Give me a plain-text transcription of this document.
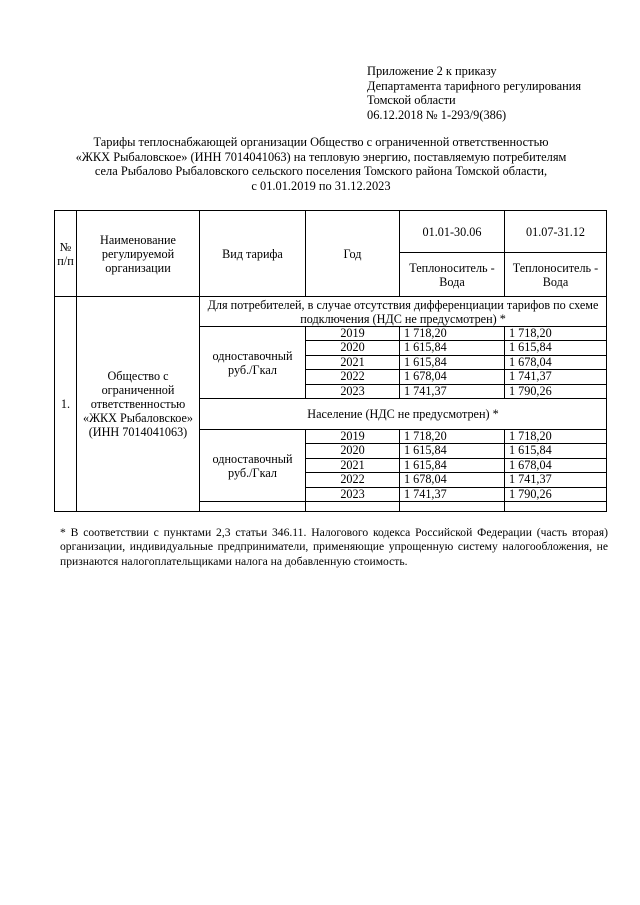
Приложение 2 к приказу
Департамента тарифного регулирования
Томской области
06.12.2018 № 1-293/9(386)
Тарифы теплоснабжающей организации Общество с ограниченной ответственностью
«ЖКХ Рыбаловское» (ИНН 7014041063) на тепловую энергию, поставляемую потребителям
села Рыбалово Рыбаловского сельского поселения Томского района Томской области,
с 01.01.2019 по 31.12.2023
№ п/п	Наименование регулируемой организации	Вид тарифа	Год	01.01-30.06	01.07-31.12
				Теплоноситель - Вода	Теплоноситель - Вода
1.	Общество с ограниченной ответственностью «ЖКХ Рыбаловское» (ИНН 7014041063)	Для потребителей, в случае отсутствия дифференциации тарифов по схеме подключения (НДС не предусмотрен) *			
		одноставочный руб./Гкал	2019	1 718,20	1 718,20
			2020	1 615,84	1 615,84
			2021	1 615,84	1 678,04
			2022	1 678,04	1 741,37
			2023	1 741,37	1 790,26
		Население (НДС не предусмотрен) *			
		одноставочный руб./Гкал	2019	1 718,20	1 718,20
			2020	1 615,84	1 615,84
			2021	1 615,84	1 678,04
			2022	1 678,04	1 741,37
			2023	1 741,37	1 790,26

* В соответствии с пунктами 2,3 статьи 346.11. Налогового кодекса Российской Федерации (часть вторая) организации, индивидуальные предприниматели, применяющие упрощенную систему налогообложения, не признаются налогоплательщиками налога на добавленную стоимость.
